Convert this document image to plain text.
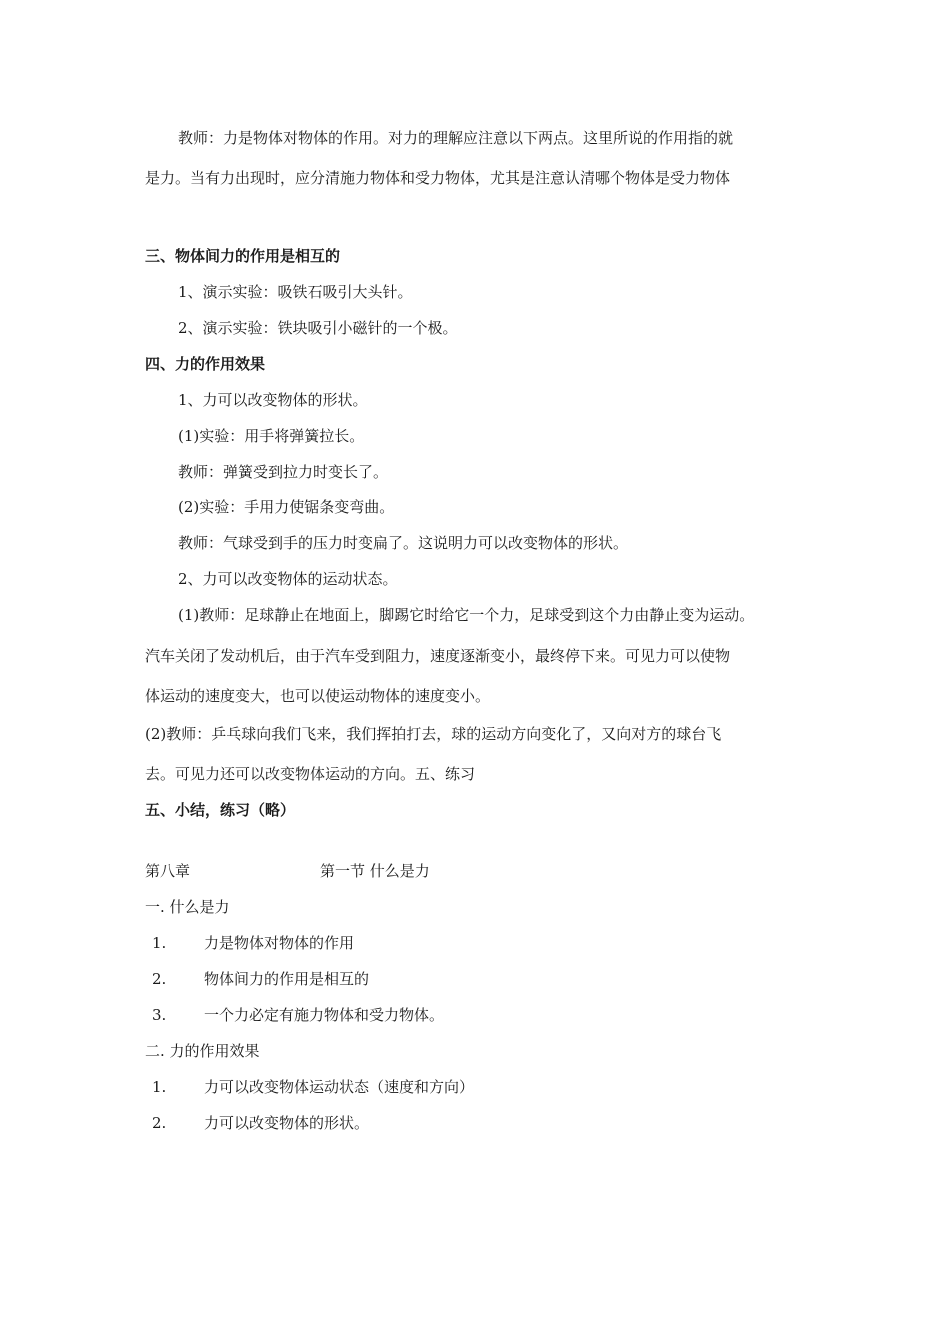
教师：力是物体对物体的作用。对力的理解应注意以下两点。这里所说的作用指的就
是力。当有力出现时，应分清施力物体和受力物体，尤其是注意认清哪个物体是受力物体
三、物体间力的作用是相互的
1、演示实验：吸铁石吸引大头针。
2、演示实验：铁块吸引小磁针的一个极。
四、力的作用效果
1、力可以改变物体的形状。
(1)实验：用手将弹簧拉长。
教师：弹簧受到拉力时变长了。
(2)实验：手用力使锯条变弯曲。
教师：气球受到手的压力时变扁了。这说明力可以改变物体的形状。
2、力可以改变物体的运动状态。
(1)教师：足球静止在地面上，脚踢它时给它一个力，足球受到这个力由静止变为运动。
汽车关闭了发动机后，由于汽车受到阻力，速度逐渐变小，最终停下来。可见力可以使物
体运动的速度变大，也可以使运动物体的速度变小。
(2)教师：乒乓球向我们飞来，我们挥拍打去，球的运动方向变化了，又向对方的球台飞
去。可见力还可以改变物体运动的方向。五、练习
五、小结，练习（略）
第八章	第一节 什么是力
一. 什么是力
1.	力是物体对物体的作用
2.	物体间力的作用是相互的
3.	一个力必定有施力物体和受力物体。
二. 力的作用效果
1.	力可以改变物体运动状态（速度和方向）
2.	力可以改变物体的形状。
